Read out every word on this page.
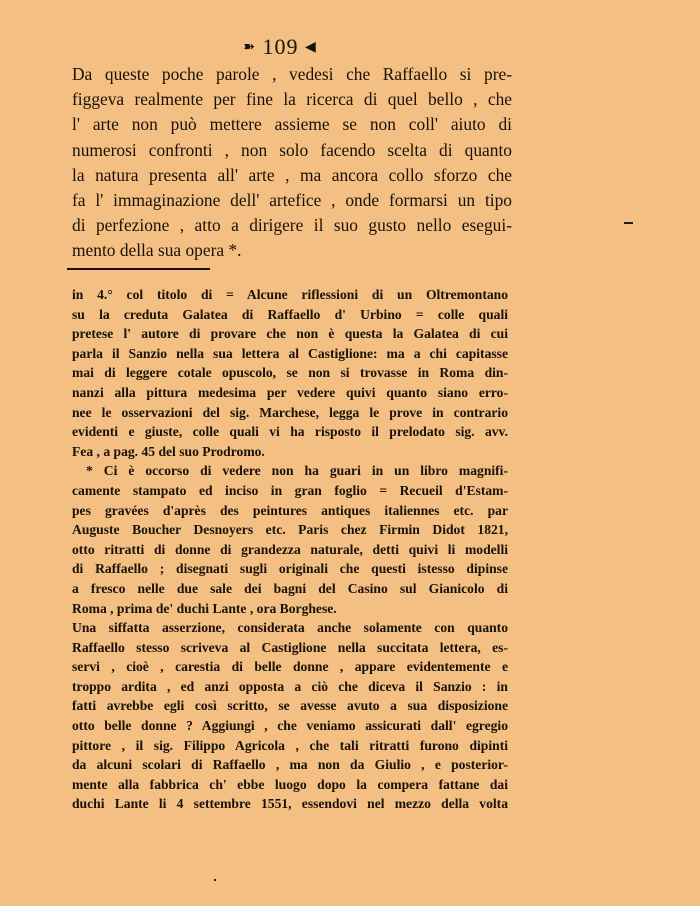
➽ 109 ◀
Da queste poche parole , vedesi che Raffaello si pre-
figgeva realmente per fine la ricerca di quel bello , che
l' arte non può mettere assieme se non coll' aiuto di
numerosi confronti , non solo facendo scelta di quanto
la natura presenta all' arte , ma ancora collo sforzo che
fa l' immaginazione dell' artefice , onde formarsi un tipo
di perfezione , atto a dirigere il suo gusto nello esegui-
mento della sua opera *.
in 4.° col titolo di = Alcune riflessioni di un Oltremontano
su la creduta Galatea di Raffaello d' Urbino = colle quali
pretese l' autore di provare che non è questa la Galatea di cui
parla il Sanzio nella sua lettera al Castiglione: ma a chi capitasse
mai di leggere cotale opuscolo, se non si trovasse in Roma din-
nanzi alla pittura medesima per vedere quivi quanto siano erro-
nee le osservazioni del sig. Marchese, legga le prove in contrario
evidenti e giuste, colle quali vi ha risposto il prelodato sig. avv.
Fea , a pag. 45 del suo Prodromo.
* Ci è occorso di vedere non ha guari in un libro magnifi-
camente stampato ed inciso in gran foglio = Recueil d'Estam-
pes gravées d'après des peintures antiques italiennes etc. par
Auguste Boucher Desnoyers etc. Paris chez Firmin Didot 1821,
otto ritratti di donne di grandezza naturale, detti quivi li modelli
di Raffaello ; disegnati sugli originali che questi istesso dipinse
a fresco nelle due sale dei bagni del Casino sul Gianicolo di
Roma , prima de' duchi Lante , ora Borghese.
Una siffatta asserzione, considerata anche solamente con quanto
Raffaello stesso scriveva al Castiglione nella succitata lettera, es-
servi , cioè , carestia di belle donne , appare evidentemente e
troppo ardita , ed anzi opposta a ciò che diceva il Sanzio : in
fatti avrebbe egli così scritto, se avesse avuto a sua disposizione
otto belle donne ? Aggiungi , che veniamo assicurati dall' egregio
pittore , il sig. Filippo Agricola , che tali ritratti furono dipinti
da alcuni scolari di Raffaello , ma non da Giulio , e posterior-
mente alla fabbrica ch' ebbe luogo dopo la compera fattane dai
duchi Lante li 4 settembre 1551, essendovi nel mezzo della volta
